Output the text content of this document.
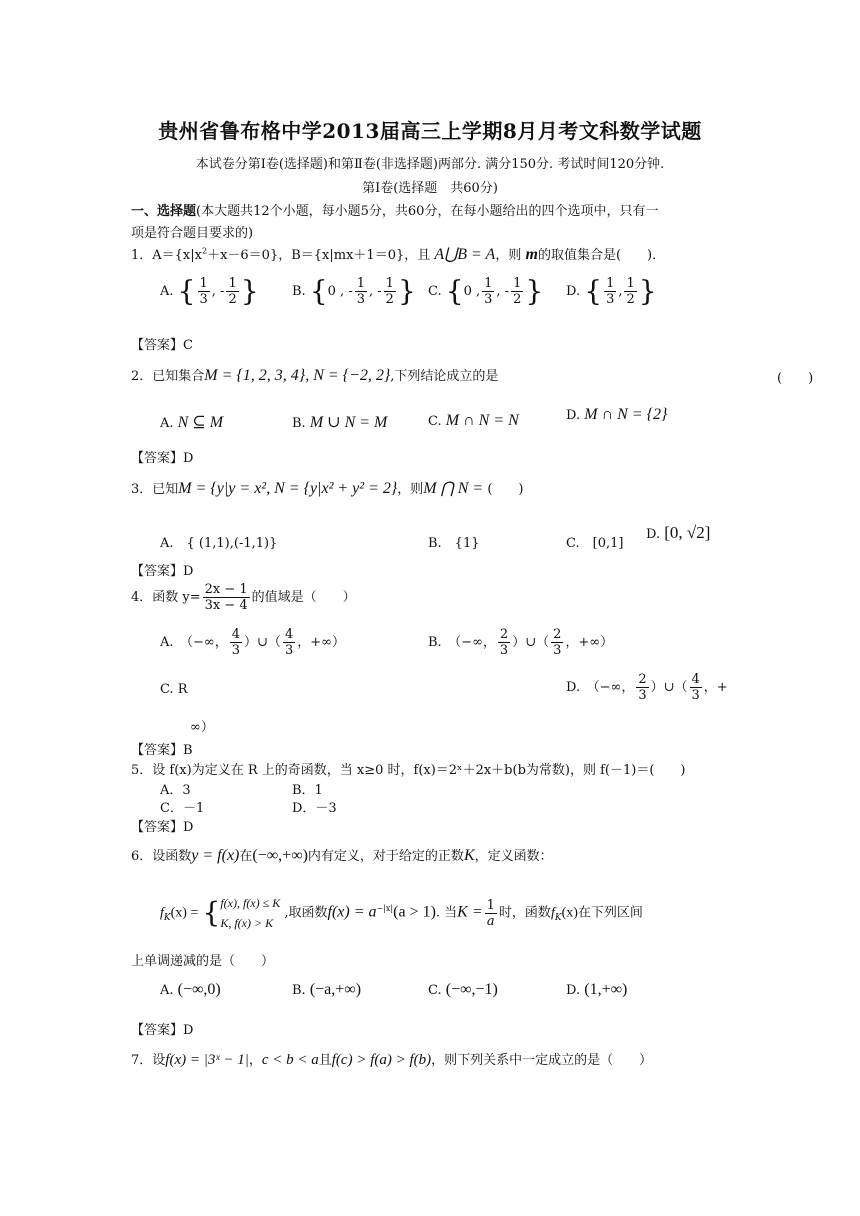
贵州省鲁布格中学2013届高三上学期8月月考文科数学试题
本试卷分第Ⅰ卷(选择题)和第Ⅱ卷(非选择题)两部分. 满分150分. 考试时间120分钟.
第Ⅰ卷(选择题　共60分)
一、选择题(本大题共12个小题，每小题5分，共60分，在每小题给出的四个选项中，只有一
项是符合题目要求的)
1．$A=\{x|x^2+x-6=0\}$，B＝{x|mx＋1＝0}，且 A⋃B = A，则 m的取值集合是(　　)．
A. { $\frac{1}{3}$ , - $\frac{1}{2}$ }	B. {0 , - $\frac{1}{3}$ , - $\frac{1}{2}$ } C. {0 , $\frac{1}{3}$ , - $\frac{1}{2}$ } D. { $\frac{1}{3}$ , $\frac{1}{2}$ }
【答案】C
2．已知集合M = {1, 2, 3, 4}, N = {−2, 2},下列结论成立的是	(　　)
A. N ⊆ M	B. M ∪ N = M	C. M ∩ N = N	D. M ∩ N = {2}
【答案】D
3．已知M = {y|y = x², N = {y|x² + y² = 2}，则M ⋂ N = (　　)
A.　{ (1,1),(-1,1)}	B.　{1}	C.　[0,1]
D. [0, √2]
【答案】D
4．函数 $y= \frac{2x - 1}{3x - 4}$ 的值域是（　　）
A.　（−∞， $\frac{4}{3}$ ）∪（ $\frac{4}{3}$ ，+∞）	B.　（−∞， $\frac{2}{3}$ ）∪（ $\frac{2}{3}$ ，+∞）
C. R	D.　（−∞， $\frac{2}{3}$ ）∪（ $\frac{4}{3}$ ，+
∞）
【答案】B
5．设 f(x)为定义在 R 上的奇函数，当 x≥0 时，f(x)＝2ˣ＋2x＋b(b为常数)，则 f(－1)＝(　　)
A．3	B．1
C．－1	D．－3
【答案】D
6．设函数y = f(x)在(−∞,+∞)内有定义，对于给定的正数K，定义函数：
$f_K(x)$ = { f(x), f(x) ≤ K
K, f(x) > K
,取函数$f(x) = a^{-|x|}(a > 1)$. 当$K = \frac{1}{a}$ 时，函数$f_K(x)$在下列区间
上单调递减的是（　　）
A. (−∞,0)	B. (−a,+∞)	C. (−∞,−1)	D. (1,+∞)
【答案】D
7．设f(x) = |3ˣ − 1|，c < b < a且f(c) > f(a) > f(b)，则下列关系中一定成立的是（　　）
